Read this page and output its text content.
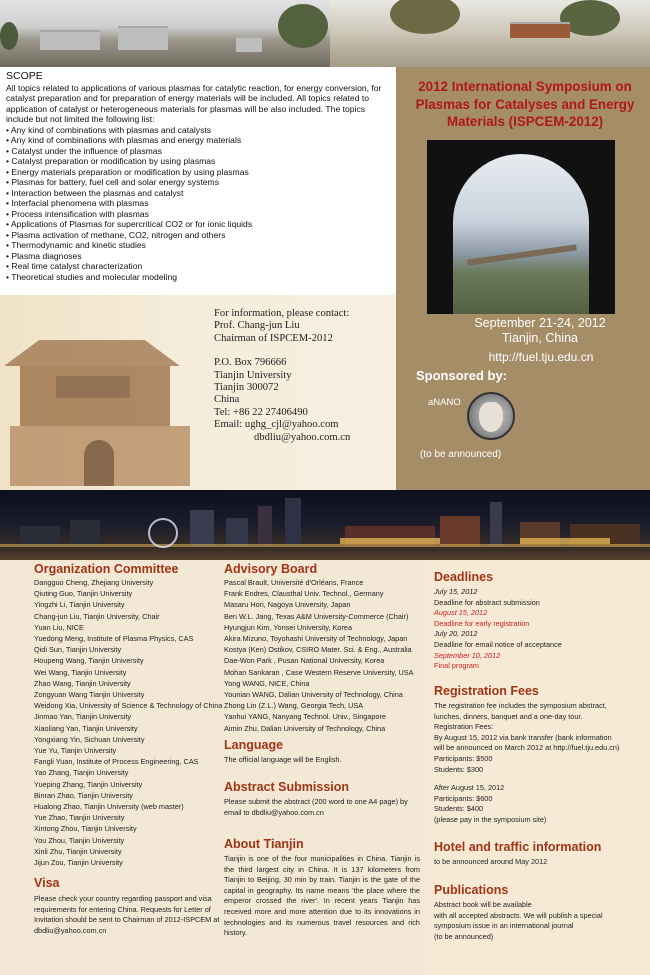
SCOPE
All topics related to applications of various plasmas for catalytic reaction, for energy conversion, for catalyst preparation and for preparation of energy materials will be included. All topics related to application of catalyst or heterogeneous materials for plasmas will be also included. The topics include but not limited the following list:
• Any kind of combinations with plasmas and catalysts
• Any kind of combinations with plasmas and energy materials
• Catalyst under the influence of plasmas
• Catalyst preparation or modification by using plasmas
• Energy materials preparation or modification by using plasmas
• Plasmas for battery, fuel cell and solar energy systems
• Interaction between the plasmas and catalyst
• Interfacial phenomena with plasmas
• Process intensification with plasmas
• Applications of Plasmas for supercritical CO2 or for ionic liquids
• Plasma activation of methane, CO2, nitrogen and others
• Thermodynamic and kinetic studies
• Plasma diagnoses
• Real time catalyst characterization
• Theoretical studies and molecular modeling
2012 International Symposium on Plasmas for Catalyses and Energy Materials (ISPCEM-2012)
September 21-24, 2012
Tianjin, China
http://fuel.tju.edu.cn
Sponsored by:
aNANO
(to be announced)
For information, please contact:
Prof. Chang-jun Liu
Chairman of ISPCEM-2012
P.O. Box 796666
Tianjin University
Tianjin 300072
China
Tel: +86 22 27406490
Email: ughg_cjl@yahoo.com
dbdliu@yahoo.com.cn
Organization Committee
Dangguo Cheng, Zhejiang University
Qiuting Guo, Tianjin University
Yingzhi Li, Tianjin University
Chang-jun Liu, Tianjin University, Chair
Yuan Liu, NICE
Yuedong Meng, Institute of Plasma Physics, CAS
Qidi Sun, Tianjin University
Houpeng Wang, Tianjin University
Wei Wang, Tianjin University
Zhao Wang, Tianjin University
Zongyuan Wang Tianjin University
Weidong Xia, University of Science & Technology of China
Jinmao Yan, Tianjin University
Xiaoliang Yan, Tianjin University
Yongxiang Yin, Sichuan University
Yue Yu, Tianjin University
Fangli Yuan, Institute of Process Engineering, CAS
Yao Zhang, Tianjin University
Yueping Zhang, Tianjin University
Binran Zhao, Tianjin University
Hualong Zhao, Tianjin University (web master)
Yue Zhao, Tianjin University
Xintong Zhou, Tianjin University
You Zhou, Tianjin University
Xinli Zhu, Tianjin University
Jijun Zou, Tianjin University
Visa
Please check your country regarding passport and visa requirements for entering China. Requests for Letter of Invitation should be sent to Chairman of 2012-ISPCEM at dbdliu@yahoo.com.cn
Advisory Board
Pascal Brault, Université d'Orléans, France
Frank Endres, Clausthal Univ. Technol., Germany
Masaru Hori, Nagoya University, Japan
Ben W.L. Jang, Texas A&M University-Commerce (Chair)
Hyungjun Kim, Yonsei University, Korea
Akira Mizuno, Toyohashi University of Technology, Japan
Kostya (Ken) Ostikov, CSIRO Mater. Sci. & Eng., Australia
Dae-Won Park , Pusan National University, Korea
Mohan Sankaran , Case Western Reserve University, USA
Yong WANG, NICE, China
Younian WANG, Dalian University of Technology, China
Zhong Lin (Z.L.) Wang, Georgia Tech, USA
Yanhui YANG, Nanyang Technol. Univ., Singapore
Aimin Zhu, Dalian University of Technology, China
Language
The official language will be English.
Abstract Submission
Please submit the abstract (200 word to one A4 page) by email to dbdliu@yahoo.com.cn
About Tianjin
Tianjin is one of the four municipalities in China. Tianjin is the third largest city in China. It is 137 kilometers from Tianjin to Beijing, 30 min by train. Tianjin is the gate of the capital in geography. Its name means 'the place where the emperor crossed the river'. In recent years Tianjin has received more and more attention due to its innovations in technologies and its numerous travel resources and rich history.
Deadlines
July 15, 2012
Deadline for abstract submission
August 15, 2012
Deadline for early registration
July 20, 2012
Deadline for email notice of acceptance
September 10, 2012
Final program
Registration Fees
The registration fee includes the symposium abstract,
lunches, dinners, banquet and a one-day tour.
Registration Fees:
By August 15, 2012 via bank transfer (bank information
will be announced on March 2012 at http://fuel.tju.edu.cn)
Participants: $500
Students: $300
After August 15, 2012
Participants: $600
Students: $400
(please pay in the symposium site)
Hotel and traffic information
to be announced around May 2012
Publications
Abstract book will be available
with all accepted abstracts. We will publish a special
symposium issue in an international journal
(to be announced)
